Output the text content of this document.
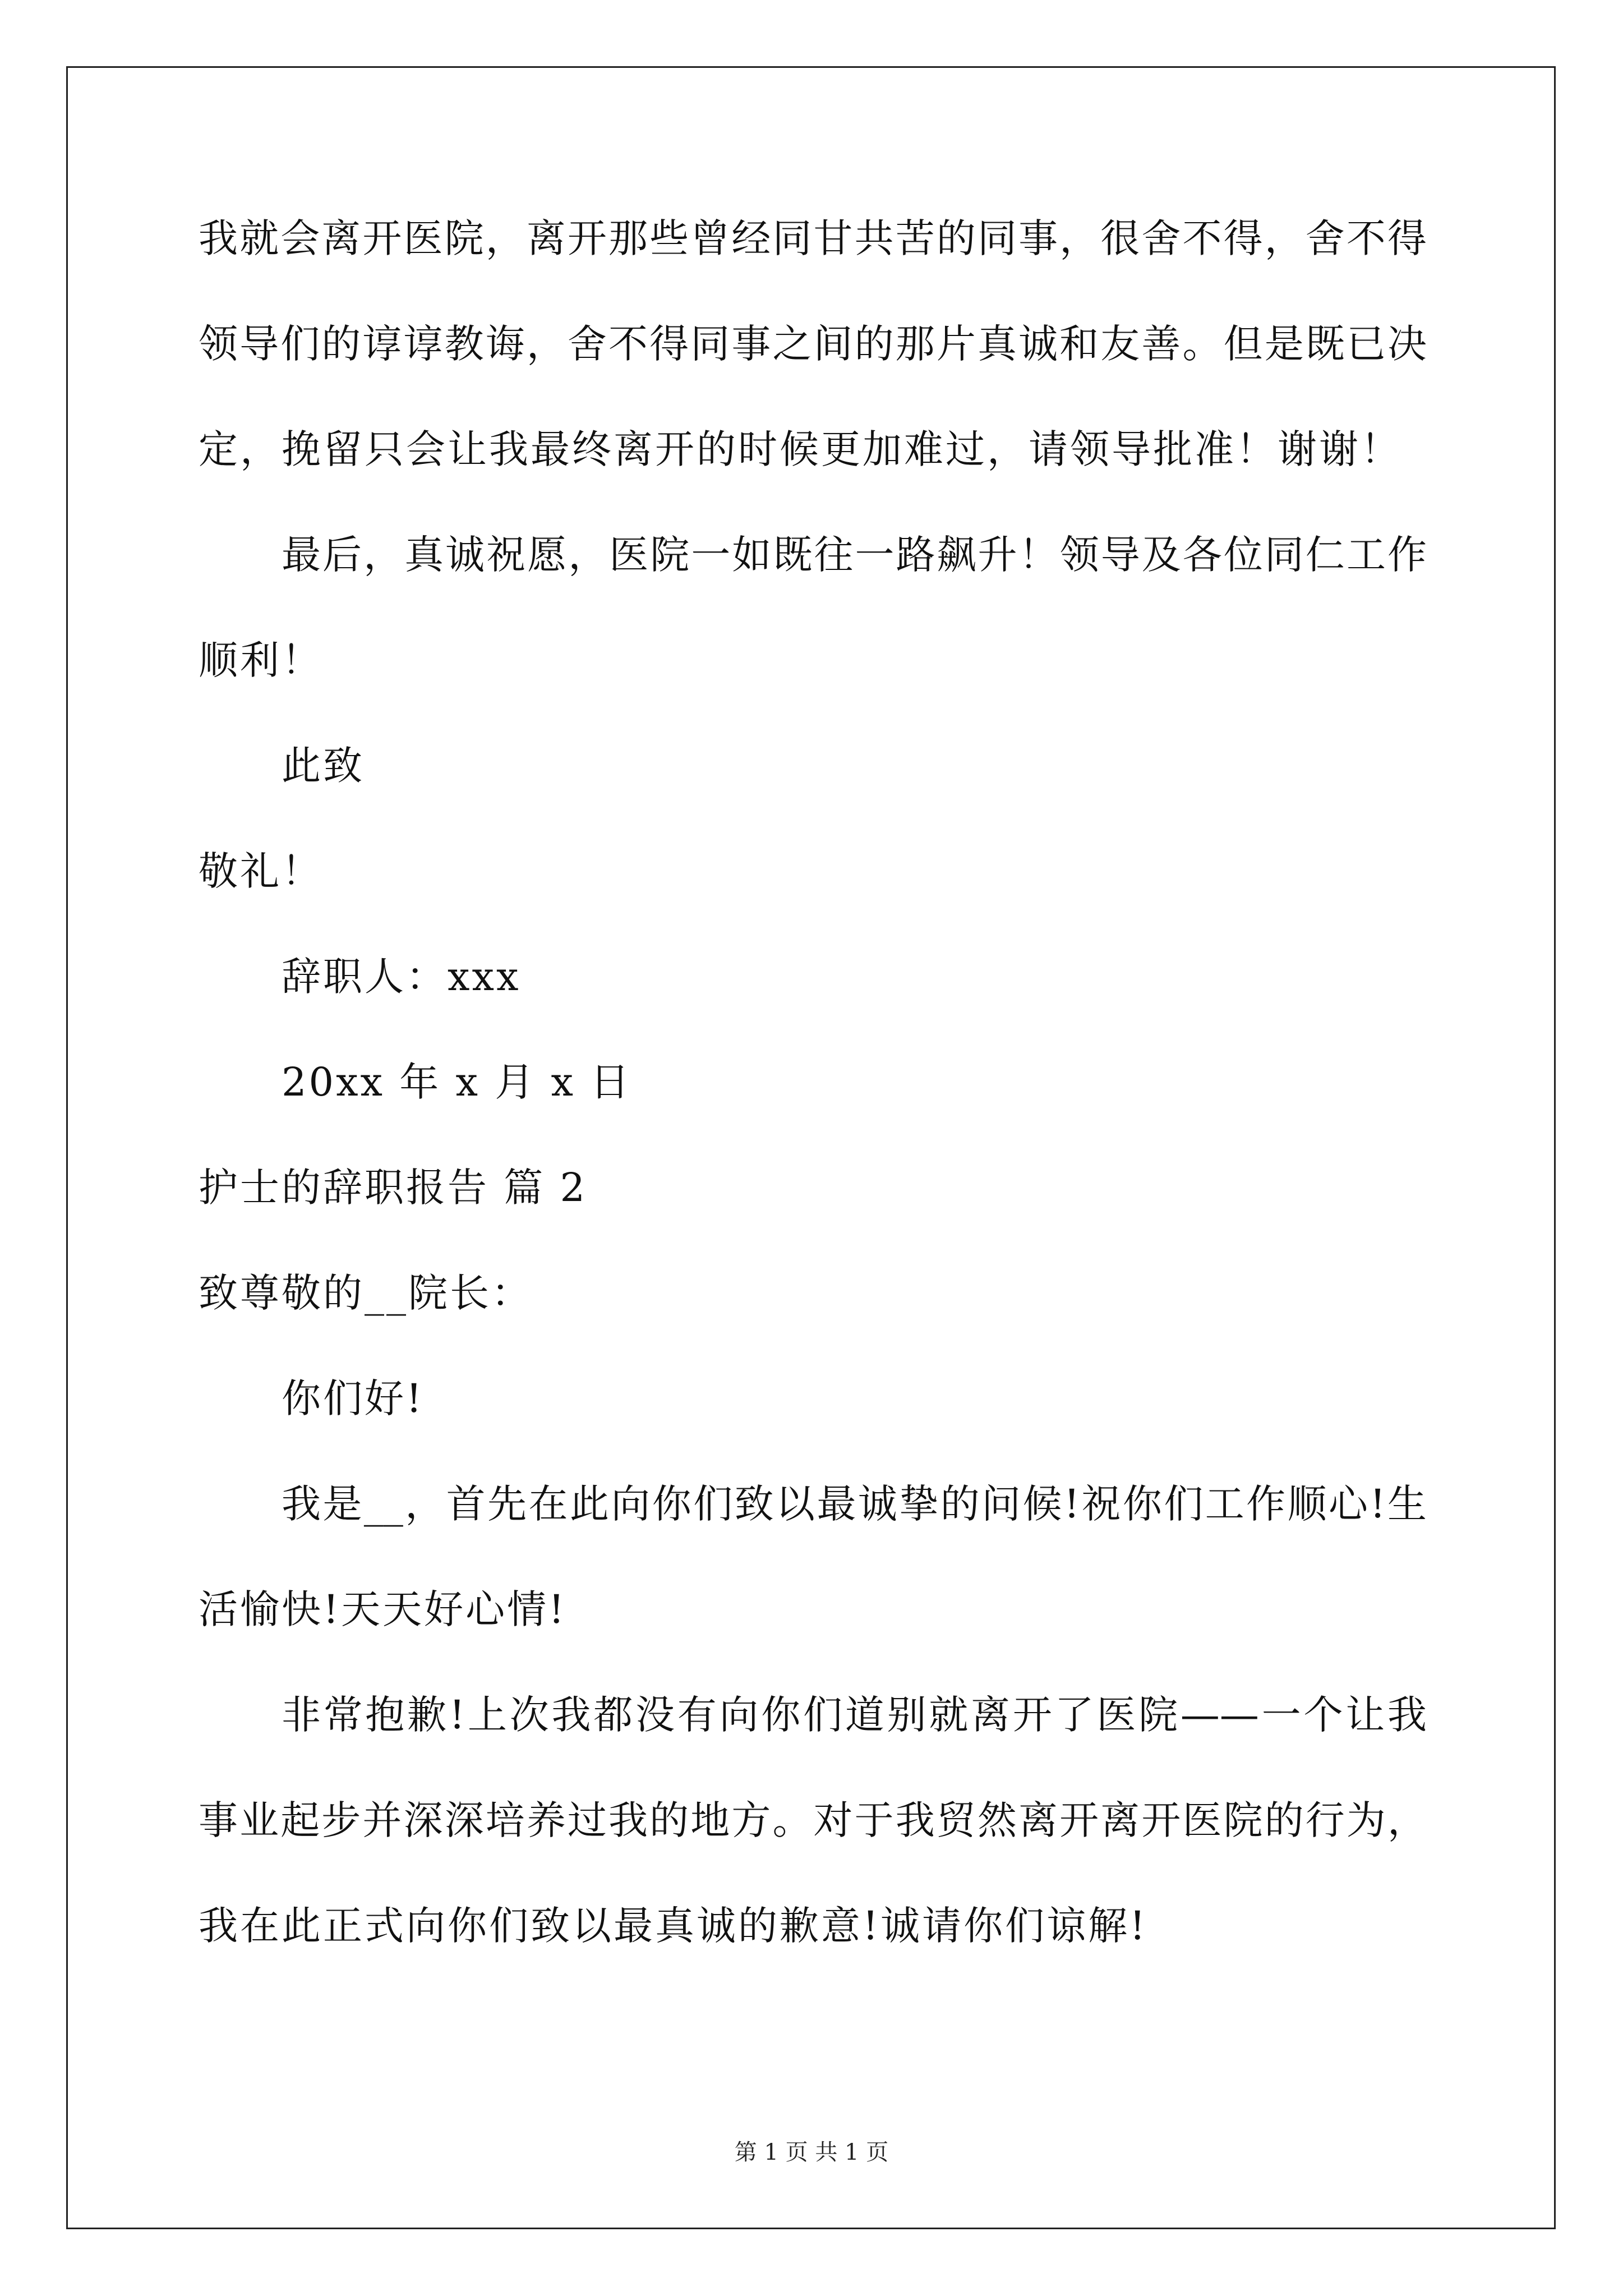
我就会离开医院，离开那些曾经同甘共苦的同事，很舍不得，舍不得
领导们的谆谆教诲，舍不得同事之间的那片真诚和友善。但是既已决
定，挽留只会让我最终离开的时候更加难过，请领导批准！谢谢！
最后，真诚祝愿，医院一如既往一路飙升！领导及各位同仁工作
顺利！
此致
敬礼！
辞职人：xxx
20xx 年 x 月 x 日
护士的辞职报告 篇 2
致尊敬的__院长：
你们好!
我是__，首先在此向你们致以最诚挚的问候!祝你们工作顺心!生
活愉快!天天好心情!
非常抱歉!上次我都没有向你们道别就离开了医院——一个让我
事业起步并深深培养过我的地方。对于我贸然离开离开医院的行为，
我在此正式向你们致以最真诚的歉意!诚请你们谅解!
第 1 页 共 1 页
